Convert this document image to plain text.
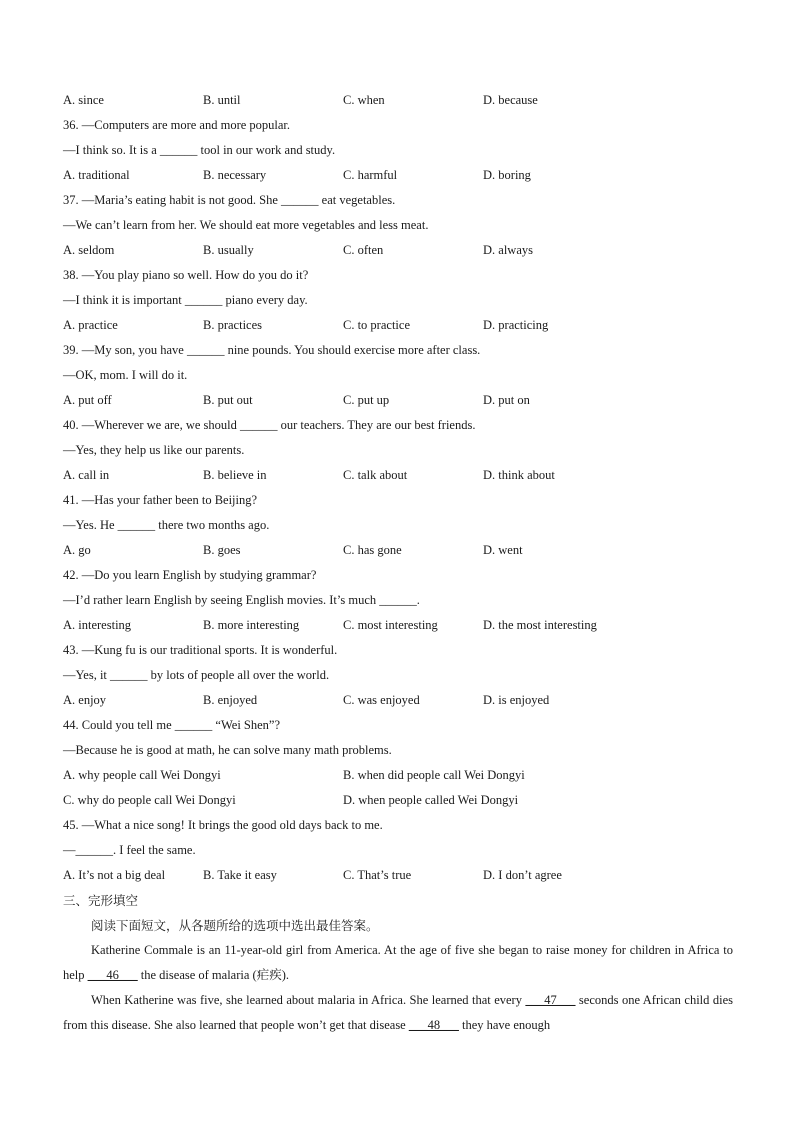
A. since	B. until	C. when	D. because
36. —Computers are more and more popular.
—I think so. It is a ______ tool in our work and study.
A. traditional	B. necessary	C. harmful	D. boring
37. —Maria’s eating habit is not good. She ______ eat vegetables.
—We can’t learn from her. We should eat more vegetables and less meat.
A. seldom	B. usually	C. often	D. always
38. —You play piano so well. How do you do it?
—I think it is important ______ piano every day.
A. practice	B. practices	C. to practice	D. practicing
39. —My son, you have ______ nine pounds. You should exercise more after class.
—OK, mom. I will do it.
A. put off	B. put out	C. put up	D. put on
40. —Wherever we are, we should ______ our teachers. They are our best friends.
—Yes, they help us like our parents.
A. call in	B. believe in	C. talk about	D. think about
41. —Has your father been to Beijing?
—Yes. He ______ there two months ago.
A. go	B. goes	C. has gone	D. went
42. —Do you learn English by studying grammar?
—I’d rather learn English by seeing English movies. It’s much ______.
A. interesting	B. more interesting	C. most interesting	D. the most interesting
43. —Kung fu is our traditional sports. It is wonderful.
—Yes, it ______ by lots of people all over the world.
A. enjoy	B. enjoyed	C. was enjoyed	D. is enjoyed
44. Could you tell me ______ “Wei Shen”?
—Because he is good at math, he can solve many math problems.
A. why people call Wei Dongyi	B. when did people call Wei Dongyi
C. why do people call Wei Dongyi	D. when people called Wei Dongyi
45. —What a nice song! It brings the good old days back to me.
—______. I feel the same.
A. It’s not a big deal	B. Take it easy	C. That’s true	D. I don’t agree
三、完形填空
阅读下面短文，从各题所给的选项中选出最佳答案。
Katherine Commale is an 11-year-old girl from America. At the age of five she began to raise money for children in Africa to help ___46___ the disease of malaria (疟疾).
When Katherine was five, she learned about malaria in Africa. She learned that every ___47___ seconds one African child dies from this disease. She also learned that people won’t get that disease ___48___ they have enough
